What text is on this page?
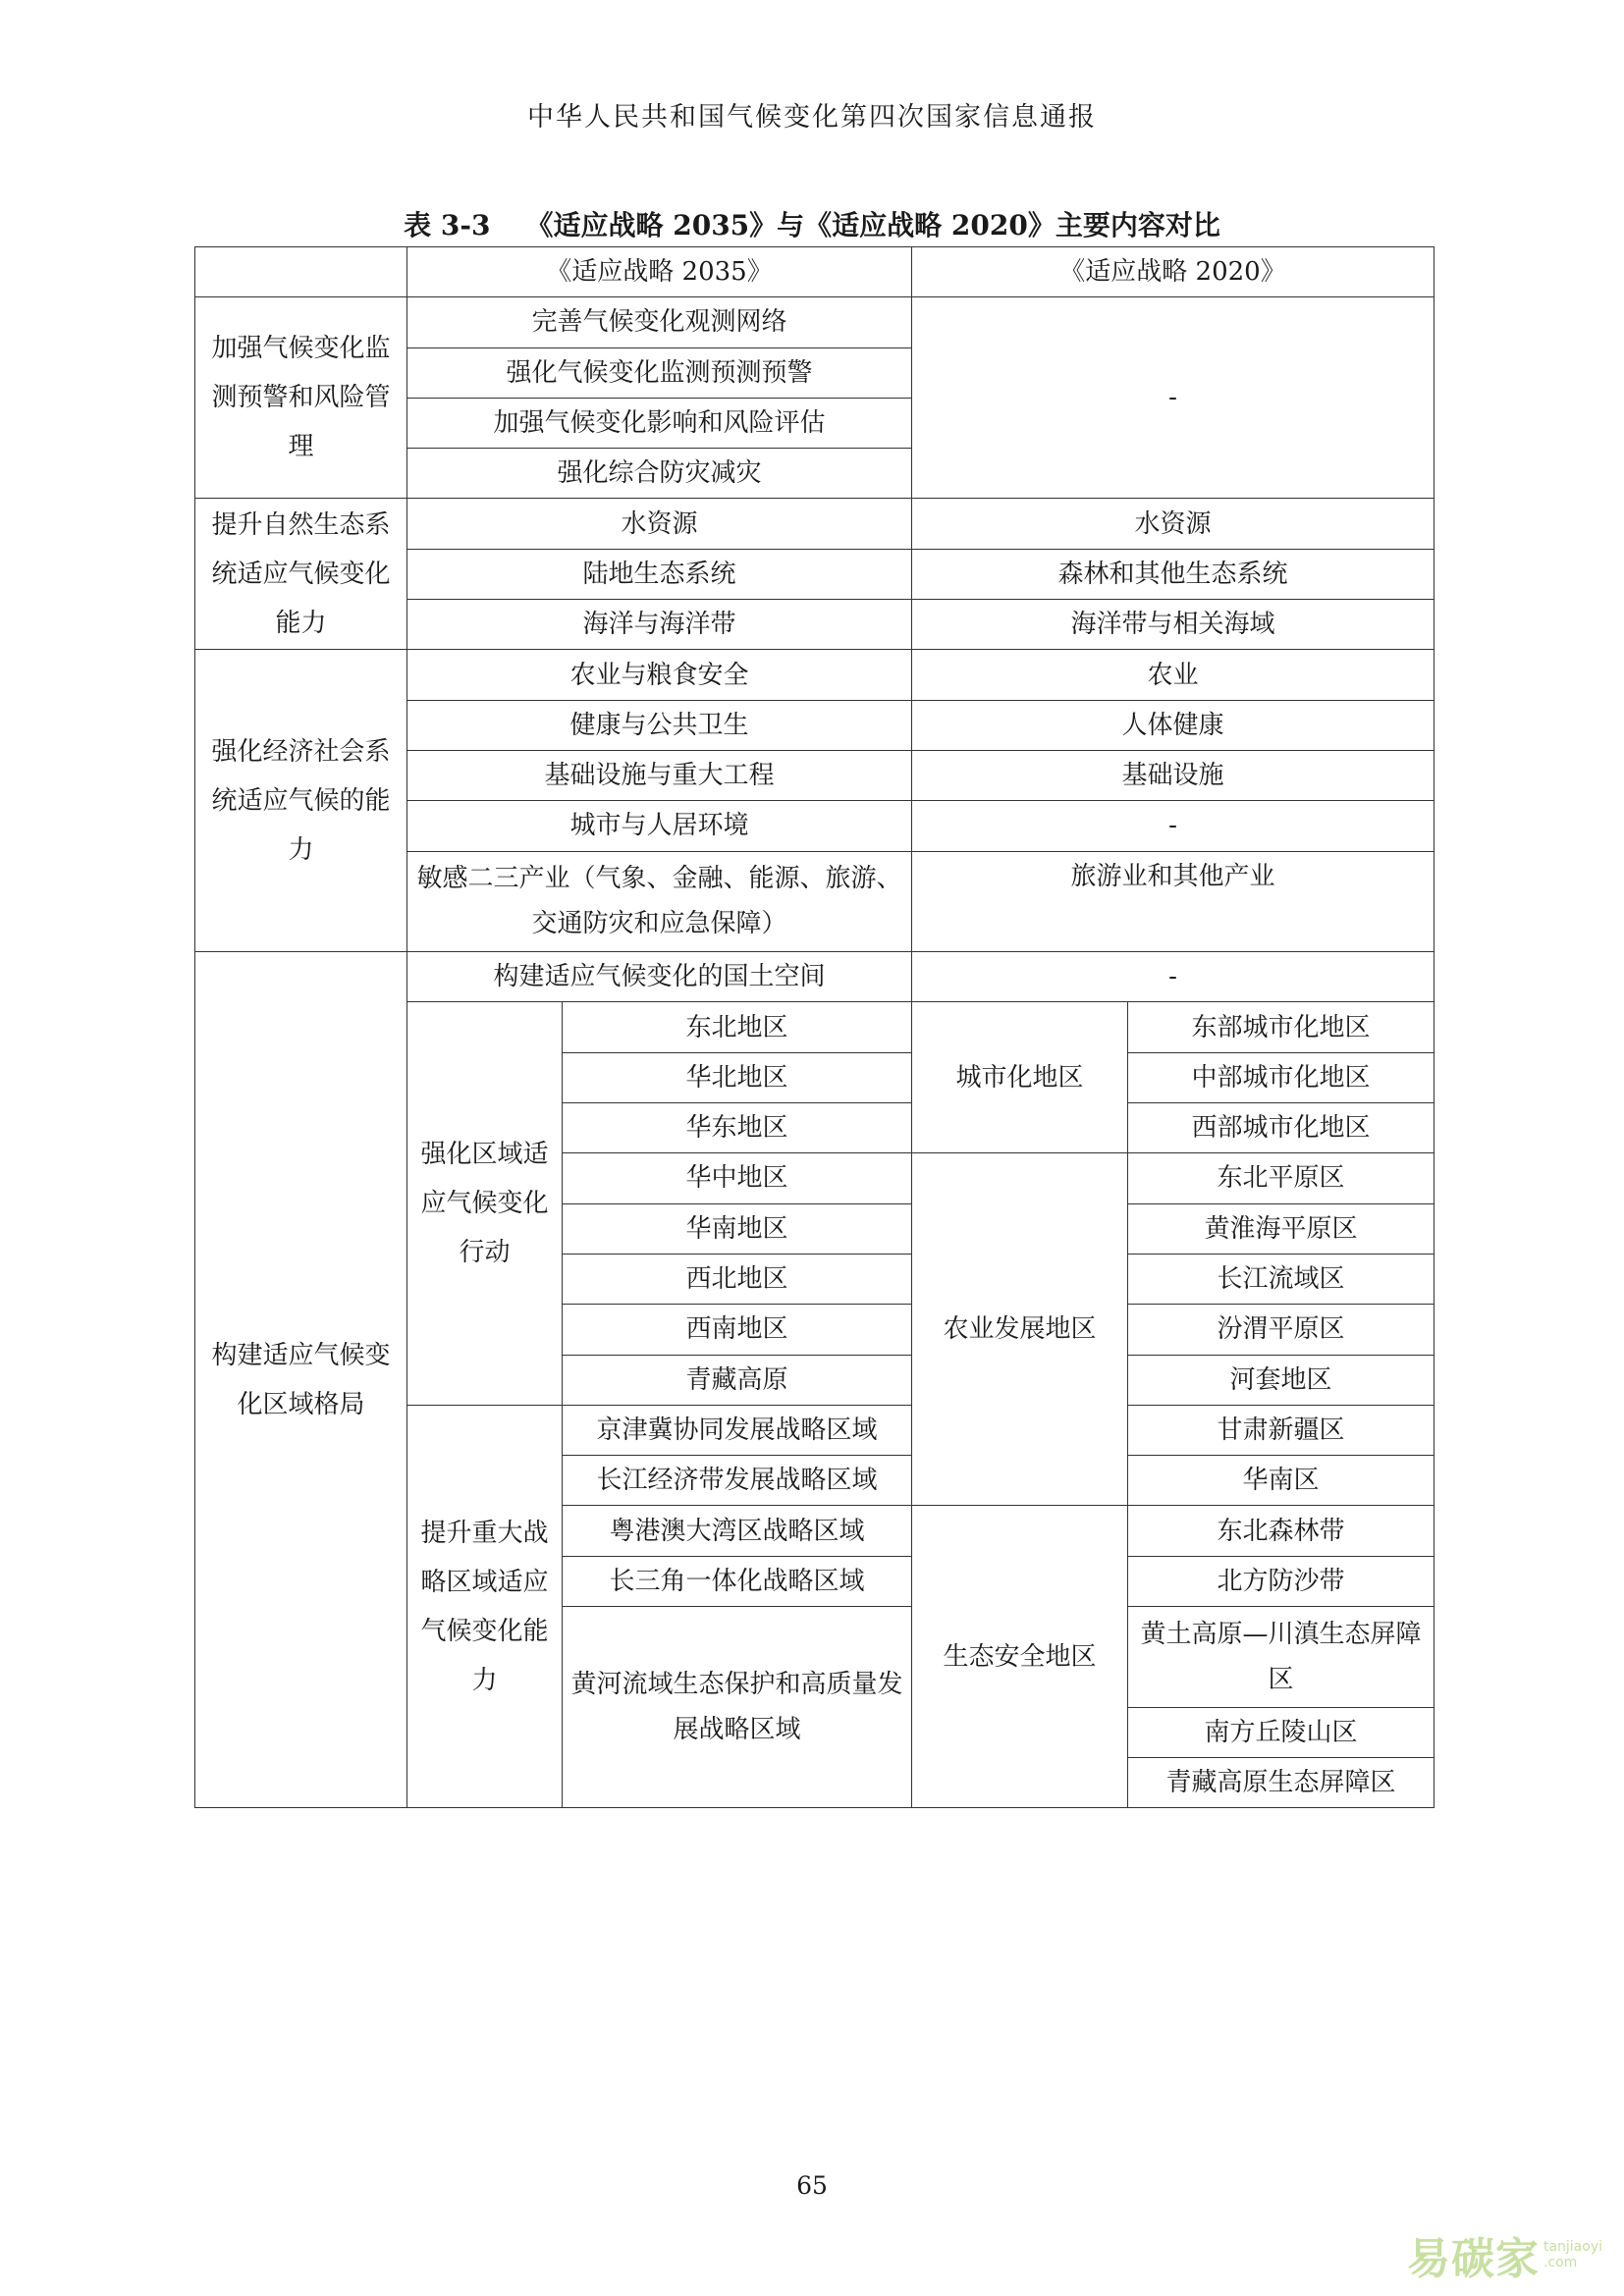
中华人民共和国气候变化第四次国家信息通报
表 3-3 《适应战略 2035》与《适应战略 2020》主要内容对比
	《适应战略 2035》		《适应战略 2020》	
加强气候变化监测预警和风险管理	完善气候变化观测网络		-	
	强化气候变化监测预测预警			
	加强气候变化影响和风险评估			
	强化综合防灾减灾			
提升自然生态系统适应气候变化能力	水资源		水资源	
	陆地生态系统		森林和其他生态系统	
	海洋与海洋带		海洋带与相关海域	
强化经济社会系统适应气候的能力	农业与粮食安全		农业	
	健康与公共卫生		人体健康	
	基础设施与重大工程		基础设施	
	城市与人居环境		-	
	敏感二三产业（气象、金融、能源、旅游、交通防灾和应急保障）		旅游业和其他产业	

构建适应气候变化区域格局	构建适应气候变化的国土空间		-	
	强化区域适应气候变化行动	东北地区	城市化地区	东部城市化地区
		华北地区		中部城市化地区
		华东地区		西部城市化地区
		华中地区	农业发展地区	东北平原区
		华南地区		黄淮海平原区
		西北地区		长江流域区
		西南地区		汾渭平原区
		青藏高原		河套地区
	提升重大战略区域适应气候变化能力	京津冀协同发展战略区域		甘肃新疆区
		长江经济带发展战略区域		华南区
		粤港澳大湾区战略区域	生态安全地区	东北森林带
		长三角一体化战略区域		北方防沙带
		黄河流域生态保护和高质量发展战略区域		黄土高原—川滇生态屏障区

				南方丘陵山区
				青藏高原生态屏障区
65
易碳家 tanjiaoyi
.com
